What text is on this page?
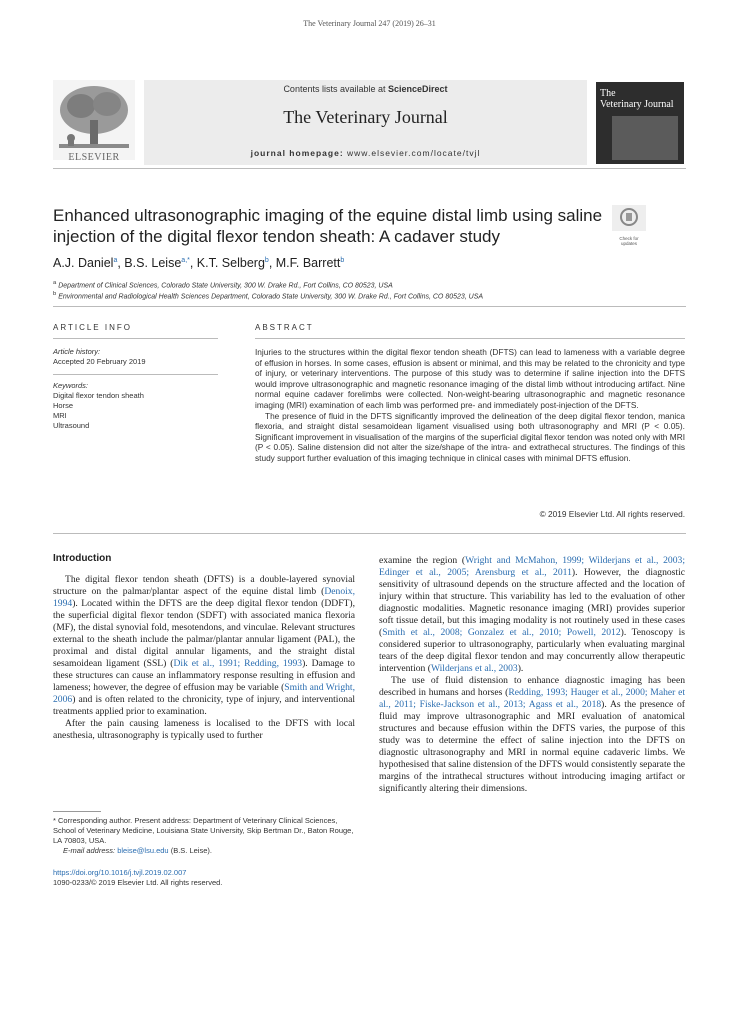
The Veterinary Journal 247 (2019) 26–31
ELSEVIER
Contents lists available at ScienceDirect
The Veterinary Journal
journal homepage: www.elsevier.com/locate/tvjl
The
Veterinary Journal
Enhanced ultrasonographic imaging of the equine distal limb using saline injection of the digital flexor tendon sheath: A cadaver study	Check for updates
A.J. Daniel$^a$, B.S. Leise$^{a,*}$, K.T. Selberg$^b$, M.F. Barrett$^b$
$^a$ Department of Clinical Sciences, Colorado State University, 300 W. Drake Rd., Fort Collins, CO 80523, USA
$^b$ Environmental and Radiological Health Sciences Department, Colorado State University, 300 W. Drake Rd., Fort Collins, CO 80523, USA
ARTICLE INFO
Article history:
Accepted 20 February 2019
Keywords:
Digital flexor tendon sheath
Horse
MRI
Ultrasound
ABSTRACT

Injuries to the structures within the digital flexor tendon sheath (DFTS) can lead to lameness with a variable degree of effusion in horses. In some cases, effusion is absent or minimal, and this may be related to the chronicity and type of injury, or veterinary interventions. The purpose of this study was to determine if saline injection into the DFTS would improve ultrasonographic and magnetic resonance imaging of the distal limb without introducing artifact. Nine normal equine cadaver forelimbs were collected. Non-weight-bearing ultrasonographic and magnetic resonance imaging (MRI) examination of each limb was performed pre- and immediately post-injection of the DFTS.

The presence of fluid in the DFTS significantly improved the delineation of the deep digital flexor tendon, manica flexoria, and straight distal sesamoidean ligament visualised using both ultrasonography and MRI (P < 0.05). Significant improvement in visualisation of the margins of the superficial digital flexor tendon was noted only with MRI (P < 0.05). Saline distension did not alter the size/shape of the intra- and extrathecal structures. The findings of this study support further evaluation of this imaging technique in clinical cases with minimal DFTS effusion.

© 2019 Elsevier Ltd. All rights reserved.
Introduction

The digital flexor tendon sheath (DFTS) is a double-layered synovial structure on the palmar/plantar aspect of the equine distal limb (Denoix, 1994). Located within the DFTS are the deep digital flexor tendon (DDFT), the superficial digital flexor tendon (SDFT) with associated manica flexoria (MF), the distal synovial fold, mesotendons, and vinculae. Relevant structures external to the sheath include the palmar/plantar annular ligament (PAL), the proximal and distal digital annular ligaments, and the straight distal sesamoidean ligament (SSL) (Dik et al., 1991; Redding, 1993). Damage to these structures can cause an inflammatory response resulting in effusion and lameness; however, the degree of effusion may be variable (Smith and Wright, 2006) and is often related to the chronicity, type of injury, and interventional treatments applied prior to examination.

After the pain causing lameness is localised to the DFTS with local anesthesia, ultrasonography is typically used to further

examine the region (Wright and McMahon, 1999; Wilderjans et al., 2003; Edinger et al., 2005; Arensburg et al., 2011). However, the diagnostic sensitivity of ultrasound depends on the structure affected and the location of injury within that structure. This variability has led to the evaluation of other diagnostic modalities. Magnetic resonance imaging (MRI) provides superior soft tissue detail, but this imaging modality is not routinely used in these cases (Smith et al., 2008; Gonzalez et al., 2010; Powell, 2012). Tenoscopy is considered superior to ultrasonography, particularly when evaluating marginal tears of the deep digital flexor tendon and may concurrently allow therapeutic intervention (Wilderjans et al., 2003).

The use of fluid distension to enhance diagnostic imaging has been described in humans and horses (Redding, 1993; Hauger et al., 2000; Maher et al., 2011; Fiske-Jackson et al., 2013; Agass et al., 2018). As the presence of fluid may improve ultrasonographic and MRI evaluation of anatomical structures and because effusion within the DFTS varies, the purpose of this study was to determine the effect of saline injection into the DFTS on diagnostic ultrasonography and MRI in normal equine cadaveric limbs. We hypothesised that saline distension of the DFTS would consistently separate the margins of the intrathecal structures without introducing imaging artifact or significantly altering their dimensions.

* Corresponding author. Present address: Department of Veterinary Clinical Sciences, School of Veterinary Medicine, Louisiana State University, Skip Bertman Dr., Baton Rouge, LA 70803, USA.

E-mail address: bleise@lsu.edu (B.S. Leise).

https://doi.org/10.1016/j.tvjl.2019.02.007

1090-0233/© 2019 Elsevier Ltd. All rights reserved.
